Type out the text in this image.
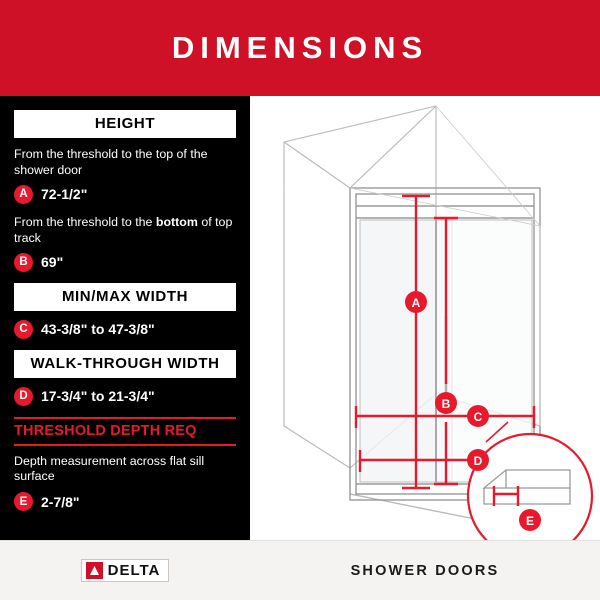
DIMENSIONS
HEIGHT

From the threshold to the top of the shower door

A 72-1/2"

From the threshold to the bottom of top track

B 69"
MIN/MAX WIDTH
C 43-3/8" to 47-3/8"
WALK-THROUGH WIDTH
D 17-3/4" to 21-3/4"
THRESHOLD DEPTH REQ

Depth measurement across flat sill surface

E 2-7/8"
A
B
C
D
E
DELTA	SHOWER DOORS
